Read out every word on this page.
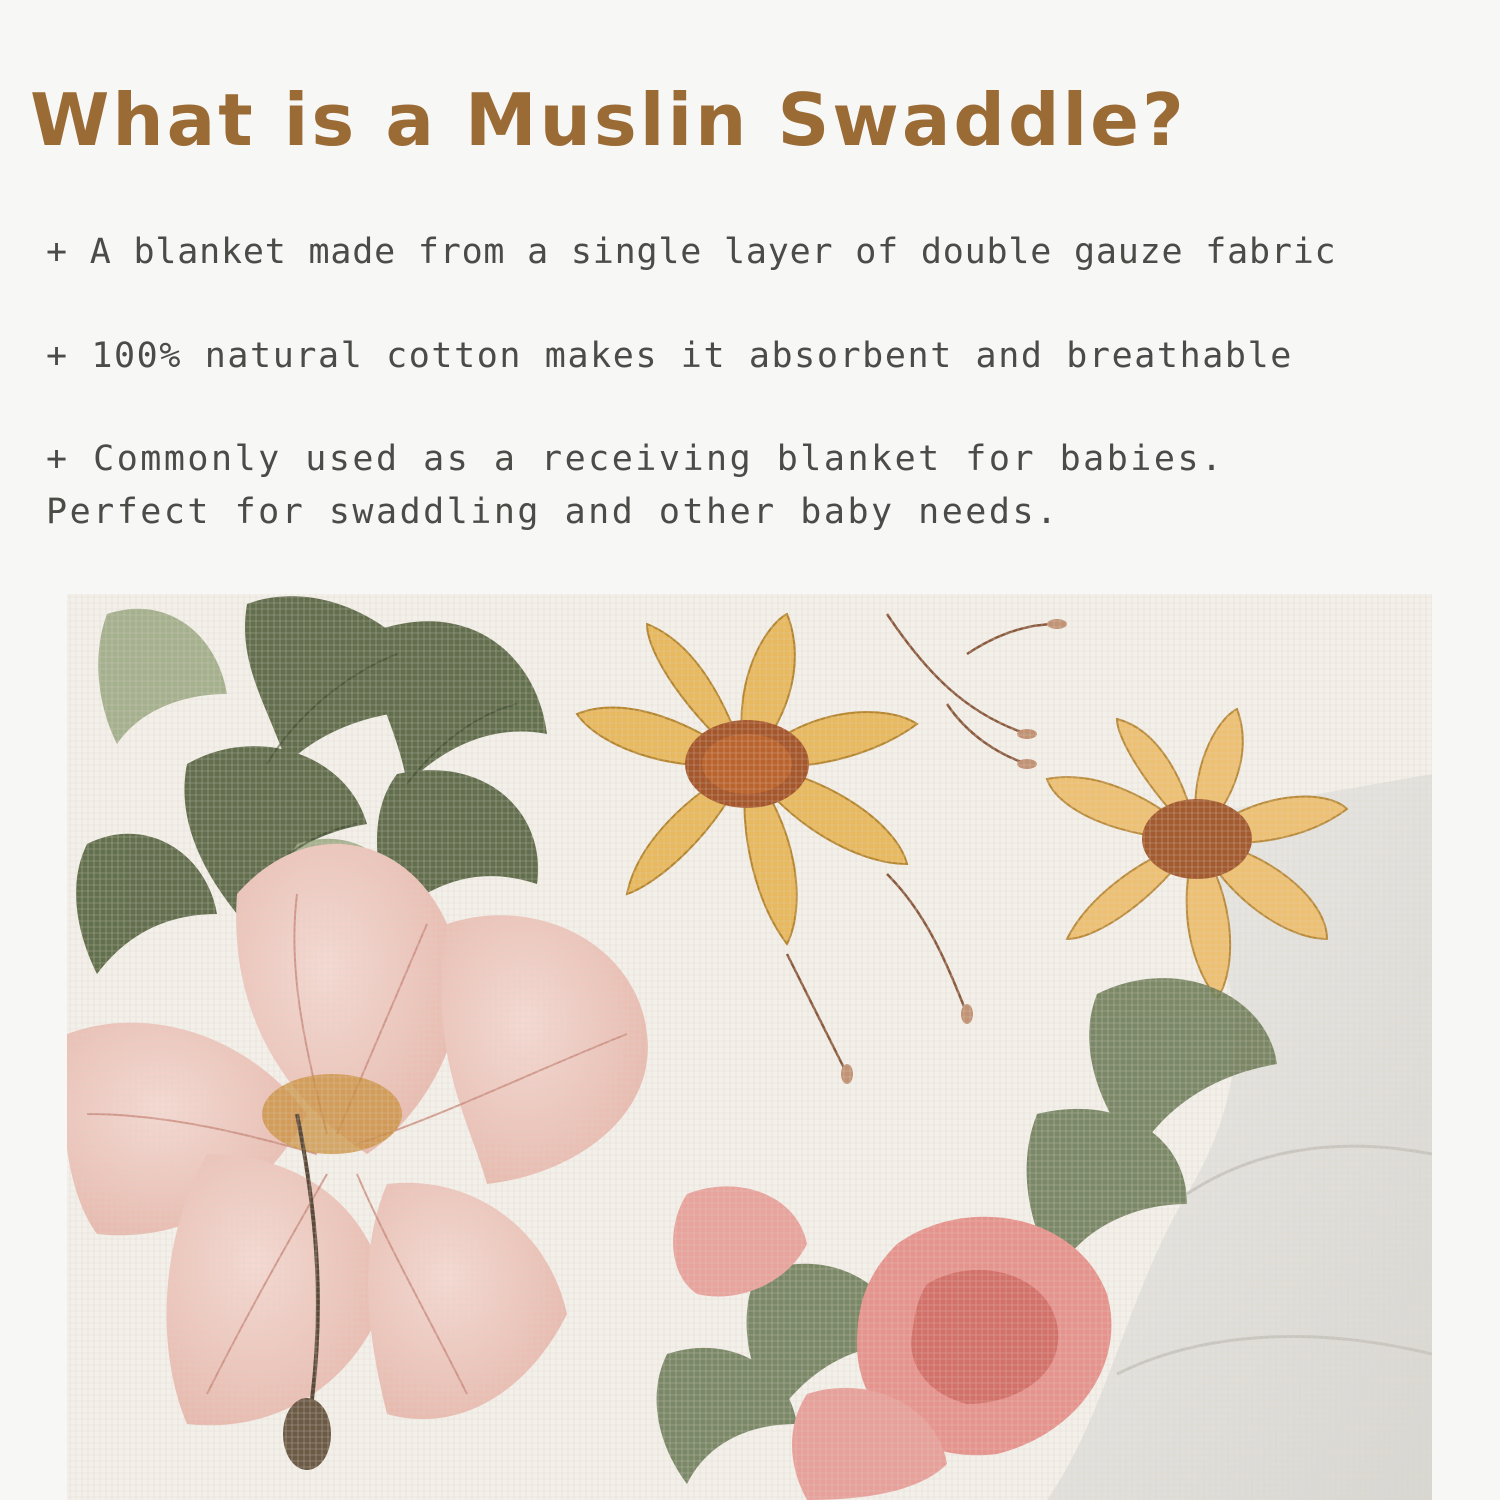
What is a Muslin Swaddle?

+ A blanket made from a single layer of double gauze fabric

+ 100% natural cotton makes it absorbent and breathable

+ Commonly used as a receiving blanket for babies. Perfect for swaddling and other baby needs.
